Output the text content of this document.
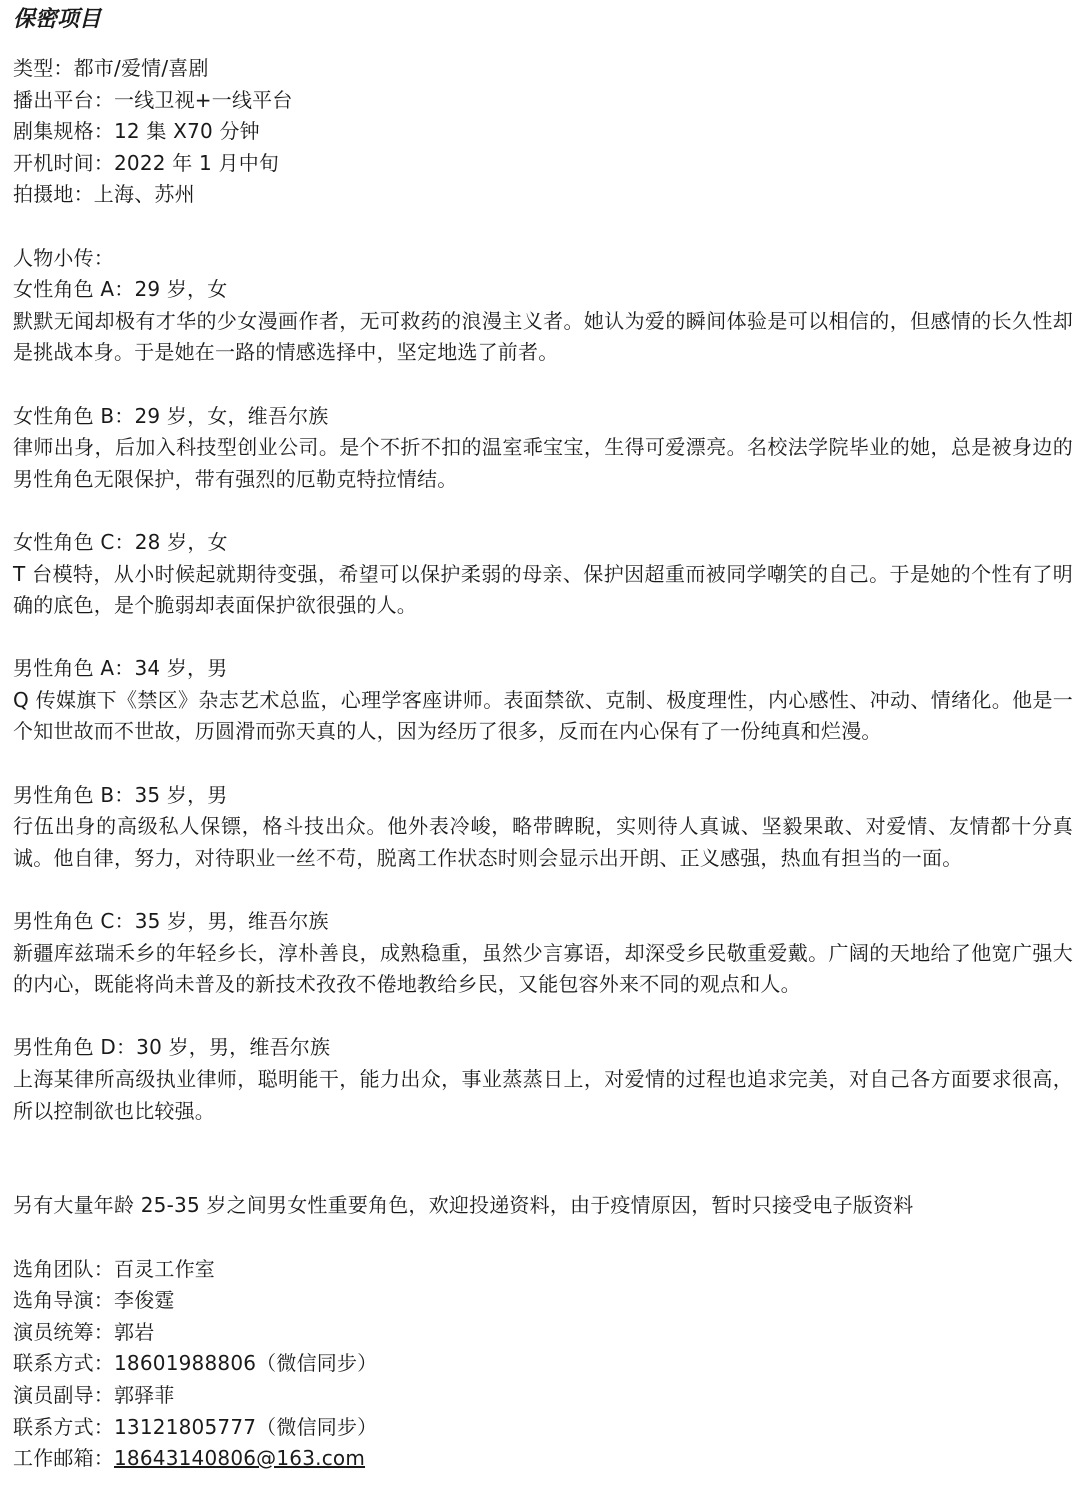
保密项目
类型：都市/爱情/喜剧
播出平台：一线卫视+一线平台
剧集规格：12 集 X70 分钟
开机时间：2022 年 1 月中旬
拍摄地：上海、苏州
人物小传：
女性角色 A：29 岁，女
默默无闻却极有才华的少女漫画作者，无可救药的浪漫主义者。她认为爱的瞬间体验是可以相信的，但感情的长久性却是挑战本身。于是她在一路的情感选择中，坚定地选了前者。
女性角色 B：29 岁，女，维吾尔族
律师出身，后加入科技型创业公司。是个不折不扣的温室乖宝宝，生得可爱漂亮。名校法学院毕业的她，总是被身边的男性角色无限保护，带有强烈的厄勒克特拉情结。
女性角色 C：28 岁，女
T 台模特，从小时候起就期待变强，希望可以保护柔弱的母亲、保护因超重而被同学嘲笑的自己。于是她的个性有了明确的底色，是个脆弱却表面保护欲很强的人。
男性角色 A：34 岁，男
Q 传媒旗下《禁区》杂志艺术总监，心理学客座讲师。表面禁欲、克制、极度理性，内心感性、冲动、情绪化。他是一个知世故而不世故，历圆滑而弥天真的人，因为经历了很多，反而在内心保有了一份纯真和烂漫。
男性角色 B：35 岁，男
行伍出身的高级私人保镖，格斗技出众。他外表冷峻，略带睥睨，实则待人真诚、坚毅果敢、对爱情、友情都十分真诚。他自律，努力，对待职业一丝不苟，脱离工作状态时则会显示出开朗、正义感强，热血有担当的一面。
男性角色 C：35 岁，男，维吾尔族
新疆库兹瑞禾乡的年轻乡长，淳朴善良，成熟稳重，虽然少言寡语，却深受乡民敬重爱戴。广阔的天地给了他宽广强大的内心，既能将尚未普及的新技术孜孜不倦地教给乡民，又能包容外来不同的观点和人。
男性角色 D：30 岁，男，维吾尔族
上海某律所高级执业律师，聪明能干，能力出众，事业蒸蒸日上，对爱情的过程也追求完美，对自己各方面要求很高，所以控制欲也比较强。
另有大量年龄 25-35 岁之间男女性重要角色，欢迎投递资料，由于疫情原因，暂时只接受电子版资料
选角团队：百灵工作室
选角导演：李俊霆
演员统筹：郭岩
联系方式：18601988806（微信同步）
演员副导：郭驿菲
联系方式：13121805777（微信同步）
工作邮箱：18643140806@163.com
